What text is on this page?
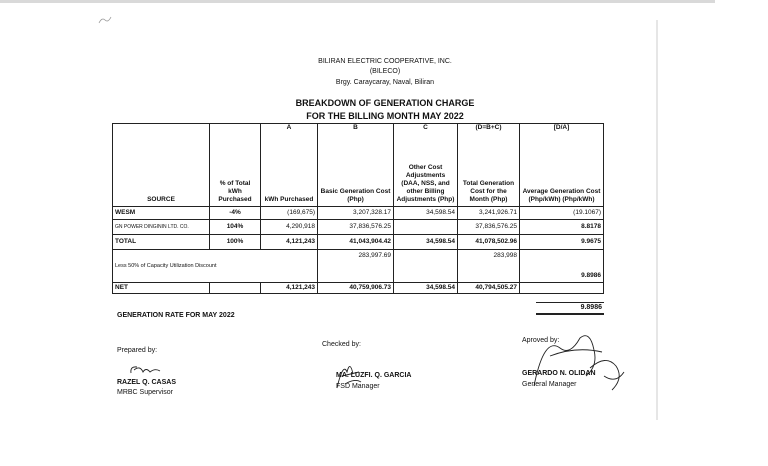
BILIRAN ELECTRIC COOPERATIVE, INC.
(BILECO)
Brgy. Caraycaray, Naval, Biliran
BREAKDOWN OF GENERATION CHARGE
FOR THE BILLING MONTH MAY 2022
		A	B	C	(D=B+C)	[D/A]
SOURCE	% of Total kWh Purchased	kWh Purchased	Basic Generation Cost (Php)	Other Cost Adjustments (DAA, NSS, and other Billing Adjustments (Php)	Total Generation Cost for the Month (Php)	Average Generation Cost (Php/kWh) (Php/kWh)
WESM	-4%	(169,675)	3,207,328.17	34,598.54	3,241,926.71	(19.1067)
GN POWER DINGININ LTD. CO.	104%	4,290,918	37,836,576.25		37,836,576.25	8.8178
TOTAL	100%	4,121,243	41,043,904.42	34,598.54	41,078,502.96	9.9675
Less 50% of Capacity Utilization Discount			283,997.69		283,998	9.8986
NET		4,121,243	40,759,906.73	34,598.54	40,794,505.27	
GENERATION RATE FOR MAY 2022
9.8986
Prepared by:
RAZEL Q. CASAS
MRBC Supervisor
Checked by:
MA. LUZFI. Q. GARCIA
FSD Manager
Aproved by:
GERARDO N. OLIDAN
General Manager
